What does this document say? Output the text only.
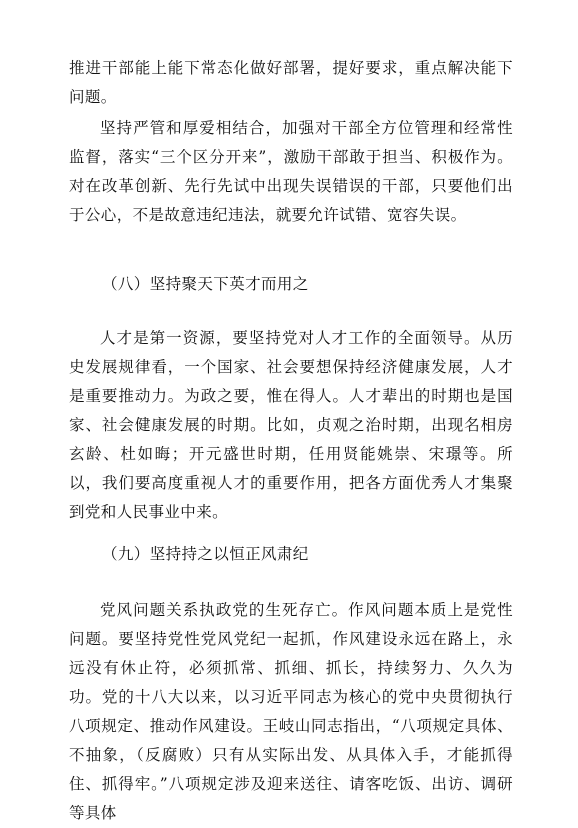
推进干部能上能下常态化做好部署，提好要求，重点解决能下问题。

坚持严管和厚爱相结合，加强对干部全方位管理和经常性监督，落实“三个区分开来”，激励干部敢于担当、积极作为。对在改革创新、先行先试中出现失误错误的干部，只要他们出于公心，不是故意违纪违法，就要允许试错、宽容失误。

（八）坚持聚天下英才而用之

人才是第一资源，要坚持党对人才工作的全面领导。从历史发展规律看，一个国家、社会要想保持经济健康发展，人才是重要推动力。为政之要，惟在得人。人才辈出的时期也是国家、社会健康发展的时期。比如，贞观之治时期，出现名相房玄龄、杜如晦；开元盛世时期，任用贤能姚崇、宋璟等。所以，我们要高度重视人才的重要作用，把各方面优秀人才集聚到党和人民事业中来。

（九）坚持持之以恒正风肃纪

党风问题关系执政党的生死存亡。作风问题本质上是党性问题。要坚持党性党风党纪一起抓，作风建设永远在路上，永远没有休止符，必须抓常、抓细、抓长，持续努力、久久为功。党的十八大以来，以习近平同志为核心的党中央贯彻执行八项规定、推动作风建设。王岐山同志指出，“八项规定具体、不抽象，（反腐败）只有从实际出发、从具体入手，才能抓得住、抓得牢。”八项规定涉及迎来送往、请客吃饭、出访、调研等具体
